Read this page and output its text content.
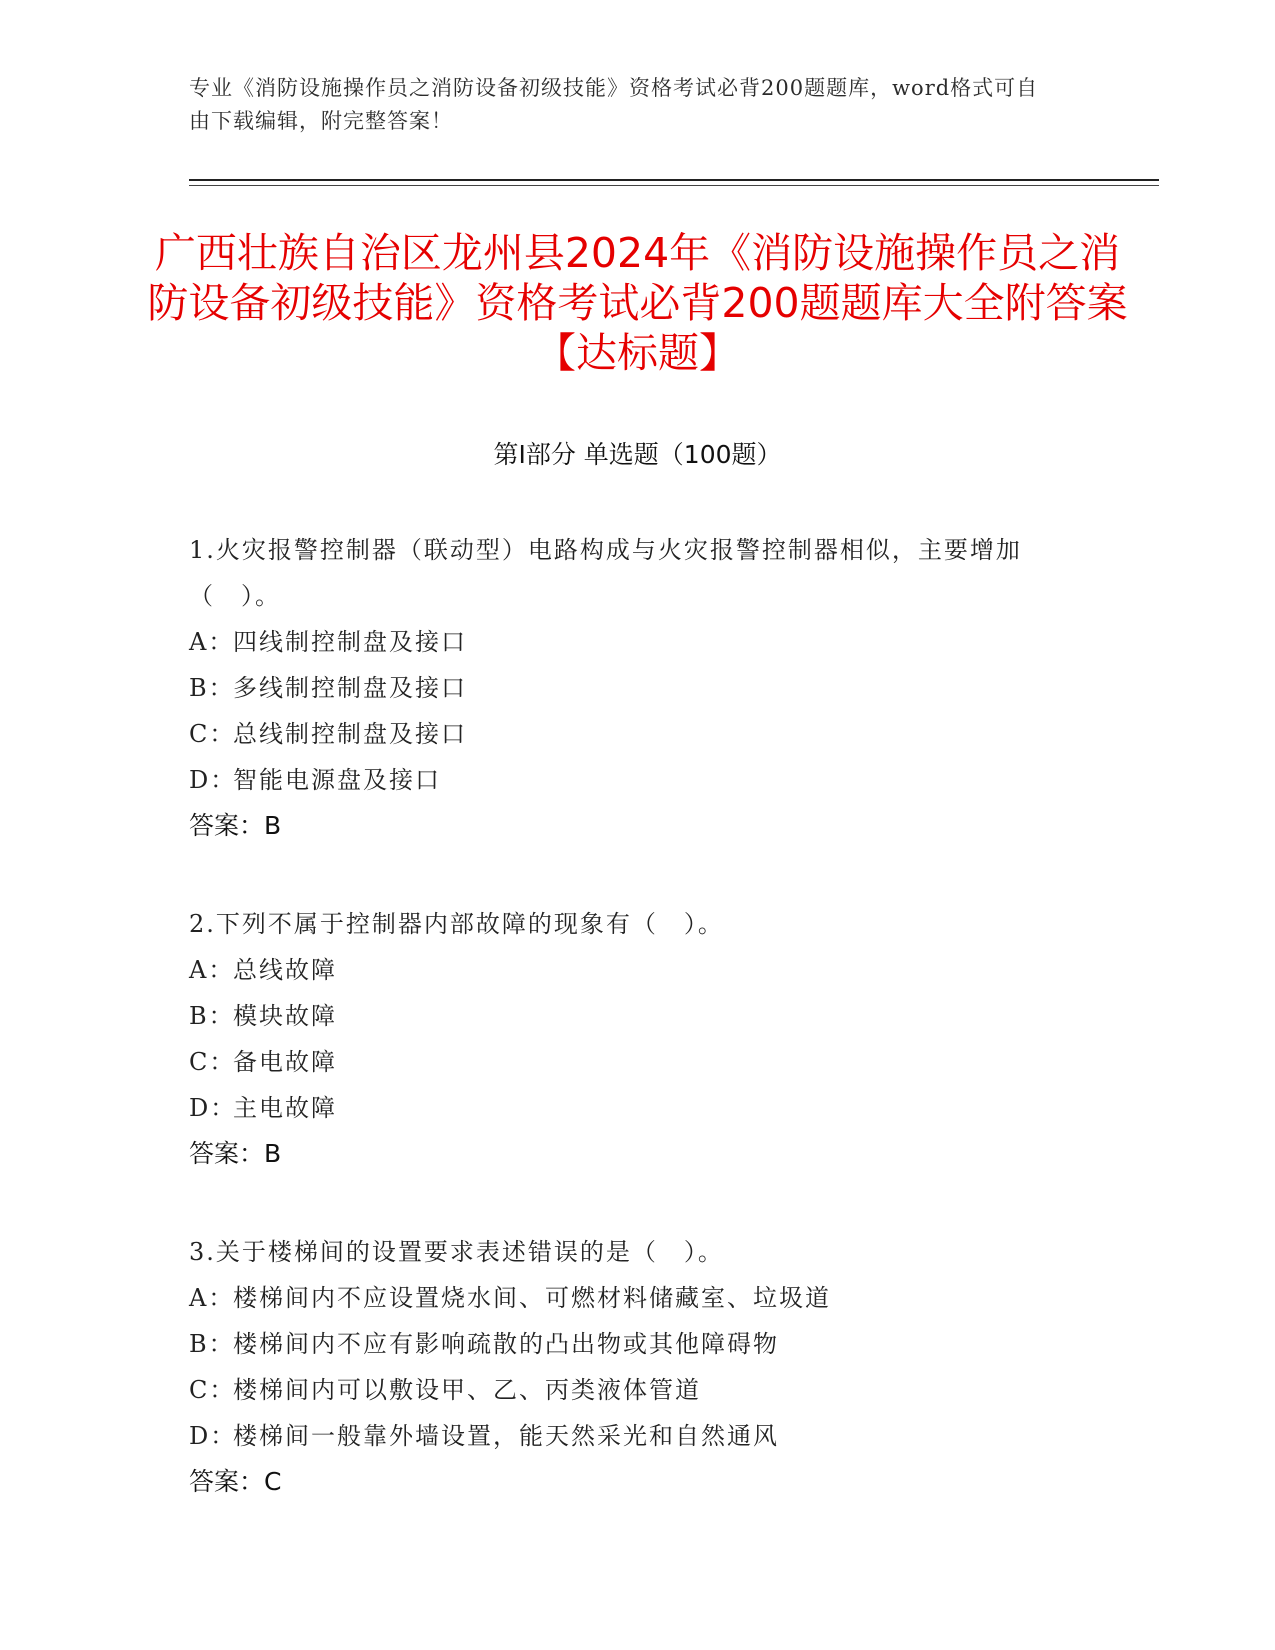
专业《消防设施操作员之消防设备初级技能》资格考试必背200题题库，word格式可自由下载编辑，附完整答案！
广西壮族自治区龙州县2024年《消防设施操作员之消防设备初级技能》资格考试必背200题题库大全附答案【达标题】
第Ⅰ部分 单选题（100题）
1.火灾报警控制器（联动型）电路构成与火灾报警控制器相似，主要增加（　）。
A：四线制控制盘及接口
B：多线制控制盘及接口
C：总线制控制盘及接口
D：智能电源盘及接口
答案：B
2.下列不属于控制器内部故障的现象有（　）。
A：总线故障
B：模块故障
C：备电故障
D：主电故障
答案：B
3.关于楼梯间的设置要求表述错误的是（　）。
A：楼梯间内不应设置烧水间、可燃材料储藏室、垃圾道
B：楼梯间内不应有影响疏散的凸出物或其他障碍物
C：楼梯间内可以敷设甲、乙、丙类液体管道
D：楼梯间一般靠外墙设置，能天然采光和自然通风
答案：C
